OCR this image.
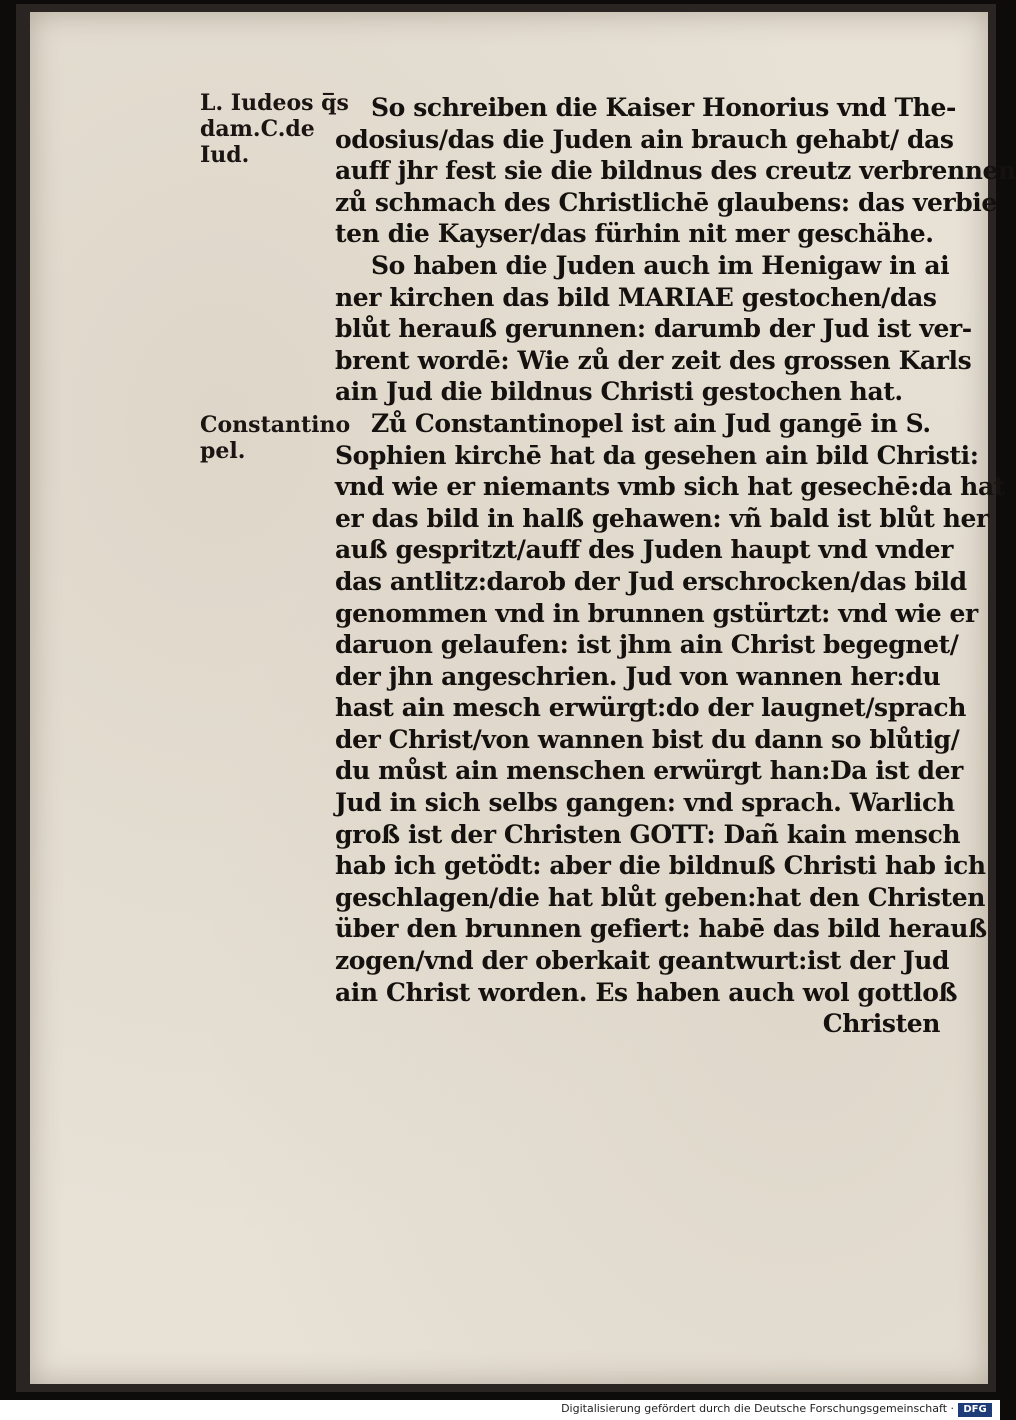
L. Iudeos q̅s
dam.C.de
Iud.
Constantino
pel.
So schreiben die Kaiser Honorius vnd The‐
odosius/das die Juden ain brauch gehabt/ das
auff jhr fest sie die bildnus des creutz verbrennen
zů schmach des Christlichē glaubens: das verbie
ten die Kayser/das fürhin nit mer geschähe.
So haben die Juden auch im Henigaw in ai
ner kirchen das bild MARIAE gestochen/das
blůt herauß gerunnen: darumb der Jud ist ver‐
brent wordē: Wie zů der zeit des grossen Karls
ain Jud die bildnus Christi gestochen hat.
Zů Constantinopel ist ain Jud gangē in S.
Sophien kirchē hat da gesehen ain bild Christi:
vnd wie er niemants vmb sich hat gesechē:da hat
er das bild in halß gehawen: vñ bald ist blůt her
auß gespritzt/auff des Juden haupt vnd vnder
das antlitz:darob der Jud erschrocken/das bild
genommen vnd in brunnen gstürtzt: vnd wie er
daruon gelaufen: ist jhm ain Christ begegnet/
der jhn angeschrien. Jud von wannen her:du
hast ain mesch erwürgt:do der laugnet/sprach
der Christ/von wannen bist du dann so blůtig/
du můst ain menschen erwürgt han:Da ist der
Jud in sich selbs gangen: vnd sprach. Warlich
groß ist der Christen GOTT: Dañ kain mensch
hab ich getödt: aber die bildnuß Christi hab ich
geschlagen/die hat blůt geben:hat den Christen
über den brunnen gefiert: habē das bild herauß
zogen/vnd der oberkait geantwurt:ist der Jud
ain Christ worden. Es haben auch wol gottloß
Christen
Digitalisierung gefördert durch die Deutsche Forschungsgemeinschaft · DFG
